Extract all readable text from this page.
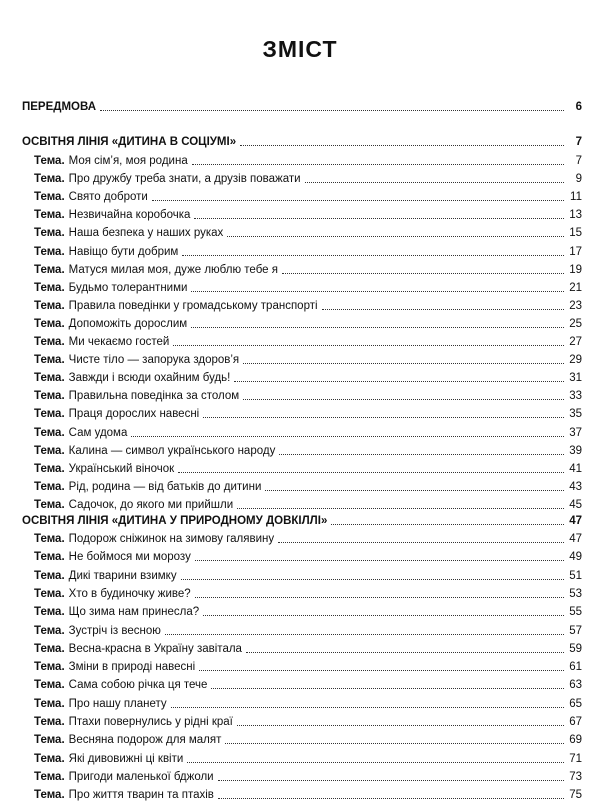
ЗМІСТ
ПЕРЕДМОВА	6
ОСВІТНЯ ЛІНІЯ «ДИТИНА В СОЦІУМІ»	7
Тема. Моя сім’я, моя родина	7
Тема. Про дружбу треба знати, а друзів поважати	9
Тема. Свято доброти	11
Тема. Незвичайна коробочка	13
Тема. Наша безпека у наших руках	15
Тема. Навіщо бути добрим	17
Тема. Матуся милая моя, дуже люблю тебе я	19
Тема. Будьмо толерантними	21
Тема. Правила поведінки у громадському транспорті	23
Тема. Допоможіть дорослим	25
Тема. Ми чекаємо гостей	27
Тема. Чисте тіло — запорука здоров’я	29
Тема. Завжди і всюди охайним будь!	31
Тема. Правильна поведінка за столом	33
Тема. Праця дорослих навесні	35
Тема. Сам удома	37
Тема. Калина — символ українського народу	39
Тема. Український віночок	41
Тема. Рід, родина — від батьків до дитини	43
Тема. Садочок, до якого ми прийшли	45
ОСВІТНЯ ЛІНІЯ «ДИТИНА У ПРИРОДНОМУ ДОВКІЛЛІ»	47
Тема. Подорож сніжинок на зимову галявину	47
Тема. Не боймося ми морозу	49
Тема. Дикі тварини взимку	51
Тема. Хто в будиночку живе?	53
Тема. Що зима нам принесла?	55
Тема. Зустріч із весною	57
Тема. Весна-красна в Україну завітала	59
Тема. Зміни в природі навесні	61
Тема. Сама собою річка ця тече	63
Тема. Про нашу планету	65
Тема. Птахи повернулись у рідні краї	67
Тема. Весняна подорож для малят	69
Тема. Які дивовижні ці квіти	71
Тема. Пригоди маленької бджоли	73
Тема. Про життя тварин та птахів	75
